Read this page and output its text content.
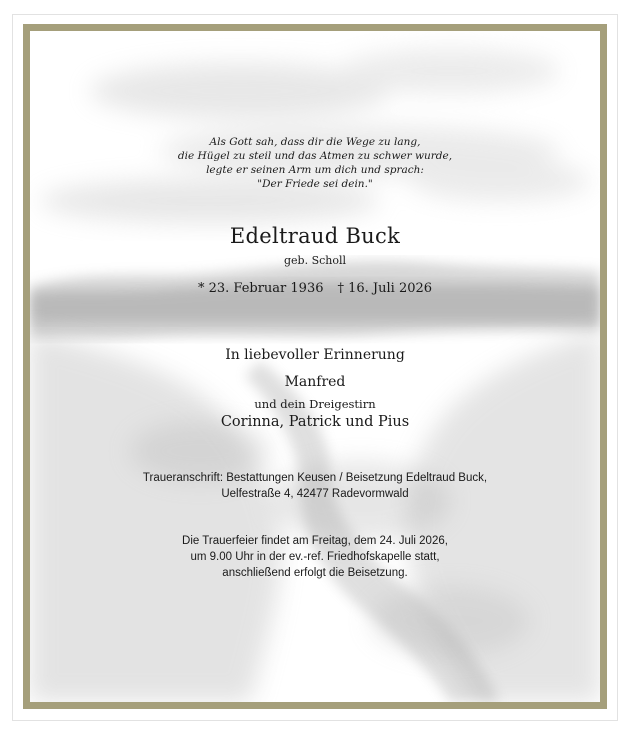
Als Gott sah, dass dir die Wege zu lang,
die Hügel zu steil und das Atmen zu schwer wurde,
legte er seinen Arm um dich und sprach:
"Der Friede sei dein."
Edeltraud Buck
geb. Scholl
* 23. Februar 1936 † 16. Juli 2026
In liebevoller Erinnerung
Manfred
und dein Dreigestirn
Corinna, Patrick und Pius
Traueranschrift: Bestattungen Keusen / Beisetzung Edeltraud Buck,
Uelfestraße 4, 42477 Radevormwald
Die Trauerfeier findet am Freitag, dem 24. Juli 2026,
um 9.00 Uhr in der ev.-ref. Friedhofskapelle statt,
anschließend erfolgt die Beisetzung.
